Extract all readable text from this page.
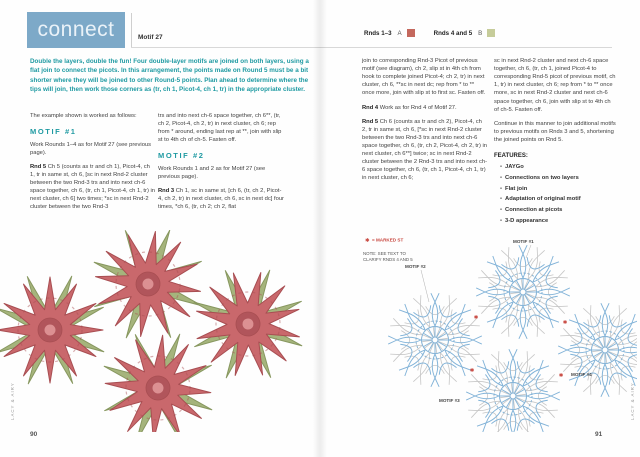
connect	Motif 27
Rnds 1–3 A	Rnds 4 and 5 B
Double the layers, double the fun! Four double-layer motifs are joined on both layers, using a flat join to connect the picots. In this arrangement, the points made on Round 5 must be a bit shorter where they will be joined to other Round-5 points. Plan ahead to determine where the tips will join, then work those corners as (tr, ch 1, Picot-4, ch 1, tr) in the appropriate cluster.

The example shown is worked as follows:

MOTIF #1

Work Rounds 1–4 as for Motif 27 (see previous page).

Rnd 5 Ch 5 (counts as tr and ch 1), Picot-4, ch 1, tr in same st, ch 6, [sc in next Rnd-2 cluster between the two Rnd-3 trs and into next ch-6 space together, ch 6, (tr, ch 1, Picot-4, ch 1, tr) in next cluster, ch 6] two times; *sc in next Rnd-2 cluster between the two Rnd-3

trs and into next ch-6 space together, ch 6**, (tr, ch 2, Picot-4, ch 2, tr) in next cluster, ch 6; rep from * around, ending last rep at **, join with slip st to 4th ch of ch-5. Fasten off.

MOTIF #2

Work Rounds 1 and 2 as for Motif 27 (see previous page).

Rnd 3 Ch 1, sc in same st, [ch 6, (tr, ch 2, Picot-4, ch 2, tr) in next cluster, ch 6, sc in next dc] four times, *ch 6, (tr, ch 2; ch 2, flat

join to corresponding Rnd-3 Picot of previous motif (see diagram), ch 2, slip st in 4th ch from hook to complete joined Picot-4; ch 2, tr) in next cluster, ch 6, **sc in next dc; rep from * to ** once more, join with slip st to first sc. Fasten off.

Rnd 4 Work as for Rnd 4 of Motif 27.

Rnd 5 Ch 6 (counts as tr and ch 2), Picot-4, ch 2, tr in same st, ch 6, [*sc in next Rnd-2 cluster between the two Rnd-3 trs and into next ch-6 space together, ch 6, (tr, ch 2, Picot-4, ch 2, tr) in next cluster, ch 6**] twice; sc in next Rnd-2 cluster between the 2 Rnd-3 trs and into next ch-6 space together, ch 6, (tr, ch 1, Picot-4, ch 1, tr) in next cluster, ch 6;

sc in next Rnd-2 cluster and next ch-6 space together, ch 6, (tr, ch 1, joined Picot-4 to corresponding Rnd-5 picot of previous motif, ch 1, tr) in next cluster, ch 6; rep from * to ** once more, sc in next Rnd-2 cluster and next ch-6 space together, ch 6, join with slip st to 4th ch of ch-5. Fasten off.

Continue in this manner to join additional motifs to previous motifs on Rnds 3 and 5, shortening the joined points on Rnd 5.

FEATURES:
• JAYGo
• Connections on two layers
• Flat join
• Adaptation of original motif
• Connection at picots
• 3-D appearance
✱
✱
✱
✱
✱ = MARKED ST
NOTE: SEE TEXT TO
CLARIFY RNDS 4 AND 5
MOTIF #1
MOTIF #2
MOTIF #3
MOTIF #4
90	91
LACY & AIRY	LACY & AIRY
